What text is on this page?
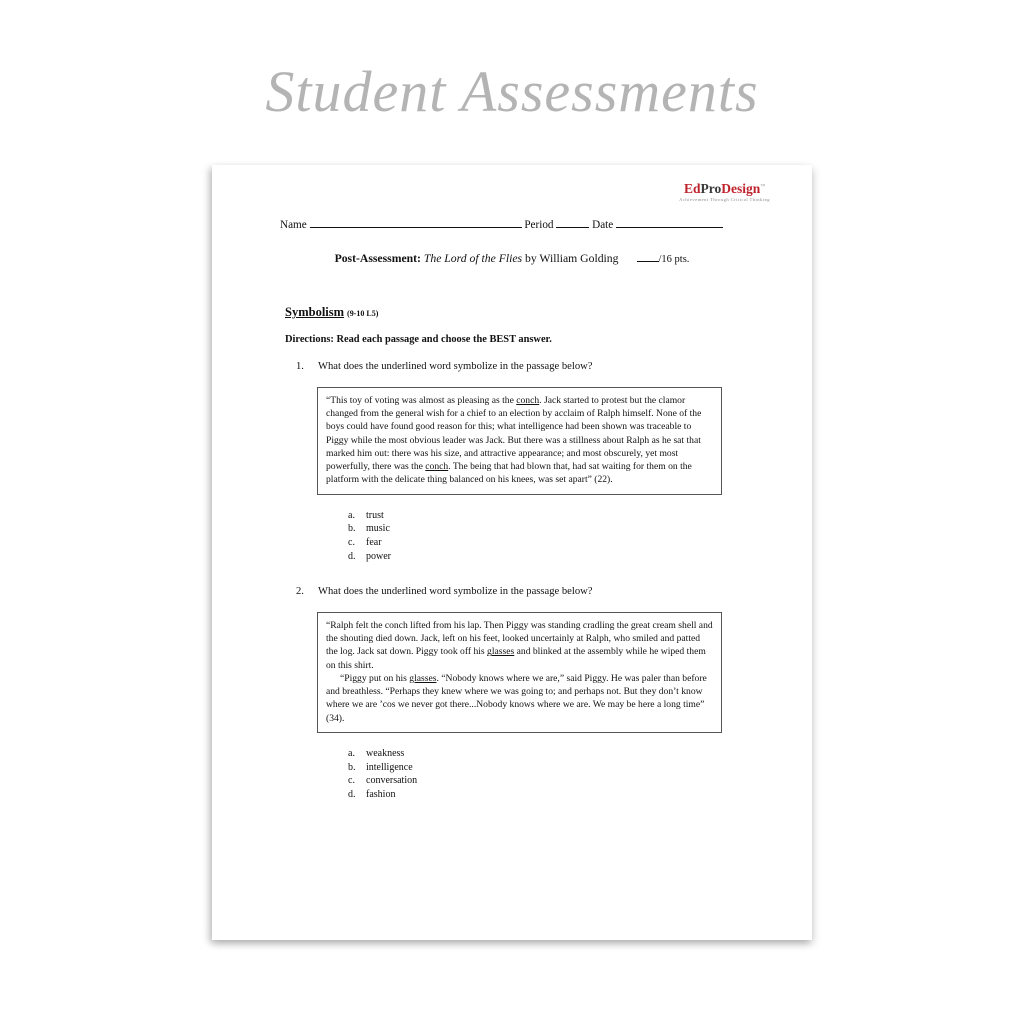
Student Assessments
EdProDesign™
Achievement Through Critical Thinking
Name	Period	Date
Post-Assessment: The Lord of the Flies by William Golding	/16 pts.
Symbolism (9-10 L5)
Directions: Read each passage and choose the BEST answer.
1. What does the underlined word symbolize in the passage below?

“This toy of voting was almost as pleasing as the conch. Jack started to protest but the clamor changed from the general wish for a chief to an election by acclaim of Ralph himself. None of the boys could have found good reason for this; what intelligence had been shown was traceable to Piggy while the most obvious leader was Jack. But there was a stillness about Ralph as he sat that marked him out: there was his size, and attractive appearance; and most obscurely, yet most powerfully, there was the conch. The being that had blown that, had sat waiting for them on the platform with the delicate thing balanced on his knees, was set apart” (22).

a. trust
b. music
c. fear
d. power
2. What does the underlined word symbolize in the passage below?

“Ralph felt the conch lifted from his lap. Then Piggy was standing cradling the great cream shell and the shouting died down. Jack, left on his feet, looked uncertainly at Ralph, who smiled and patted the log. Jack sat down. Piggy took off his glasses and blinked at the assembly while he wiped them on this shirt.

“Piggy put on his glasses. “Nobody knows where we are,” said Piggy. He was paler than before and breathless. “Perhaps they knew where we was going to; and perhaps not. But they don’t know where we are ʼcos we never got there...Nobody knows where we are. We may be here a long time” (34).

a. weakness
b. intelligence
c. conversation
d. fashion
